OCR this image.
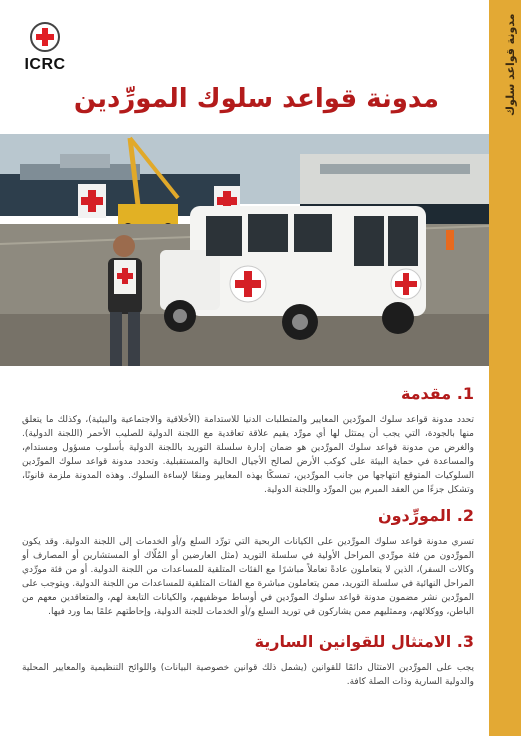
مدونة قواعد سلوك
ICRC
مدونة قواعد سلوك المورِّدين
1. مقدمة

تحدد مدونة قواعد سلوك المورِّدين المعايير والمتطلبات الدنيا للاستدامة (الأخلاقية والاجتماعية والبيئية)، وكذلك ما يتعلق منها بالجودة، التي يجب أن يمتثل لها أي مورِّد يقيم علاقة تعاقدية مع اللجنة الدولية للصليب الأحمر (اللجنة الدولية). والغرض من مدونة قواعد سلوك المورِّدين هو ضمان إدارة سلسلة التوريد باللجنة الدولية بأسلوب مسؤول ومستدام، والمساعدة في حماية البيئة على كوكب الأرض لصالح الأجيال الحالية والمستقبلية. وتحدد مدونة قواعد سلوك المورِّدين السلوكيات المتوقع انتهاجها من جانب المورِّدين، تمسكًا بهذه المعايير ومنعًا لإساءة السلوك. وهذه المدونة ملزمة قانونًا، وتشكل جزءًا من العقد المبرم بين المورِّد واللجنة الدولية.

2. المورِّدون

تسري مدونة قواعد سلوك المورِّدين على الكيانات الربحية التي تورِّد السلع و/أو الخدمات إلى اللجنة الدولية. وقد يكون المورِّدون من فئة مورِّدي المراحل الأولية في سلسلة التوريد (مثل العارضين أو المُلّاك أو المستشارين أو المصارف أو وكالات السفر)، الذين لا يتعاملون عادةً تعاملاً مباشرًا مع الفئات المتلقية للمساعدات من اللجنة الدولية. أو من فئة مورِّدي المراحل النهائية في سلسلة التوريد، ممن يتعاملون مباشرة مع الفئات المتلقية للمساعدات من اللجنة الدولية. ويتوجب على المورِّدين نشر مضمون مدونة قواعد سلوك المورِّدين في أوساط موظفيهم، والكيانات التابعة لهم، والمتعاقدين معهم من الباطن، ووكلائهم، وممثليهم ممن يشاركون في توريد السلع و/أو الخدمات للجنة الدولية، وإحاطتهم علمًا بما ورد فيها.

3. الامتثال للقوانين السارية

يجب على المورِّدين الامتثال دائمًا للقوانين (يشمل ذلك قوانين خصوصية البيانات) واللوائح التنظيمية والمعايير المحلية والدولية السارية وذات الصلة كافة.
